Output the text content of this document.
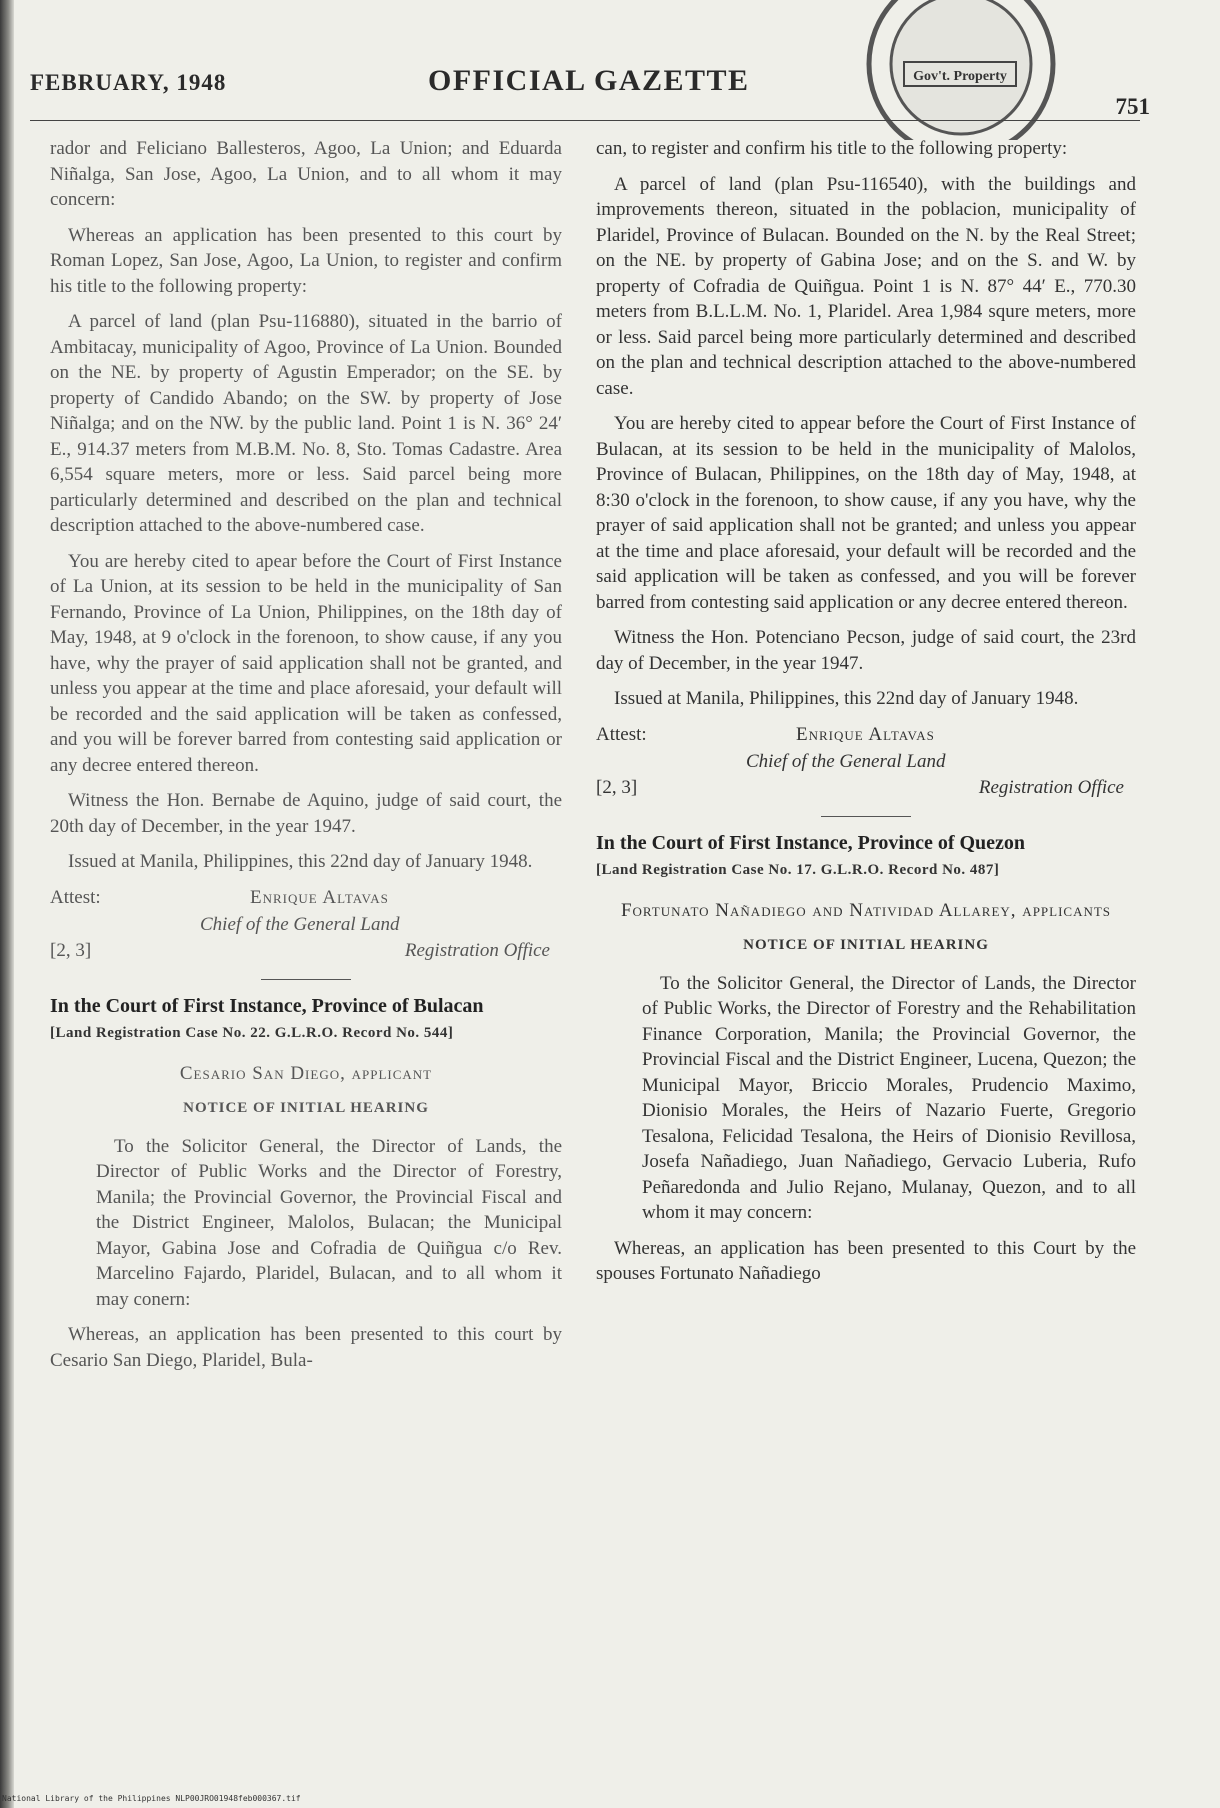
FEBRUARY, 1948	OFFICIAL GAZETTE
751
Gov't. Property

rador and Feliciano Ballesteros, Agoo, La Union; and Eduarda Niñalga, San Jose, Agoo, La Union, and to all whom it may concern:

Whereas an application has been presented to this court by Roman Lopez, San Jose, Agoo, La Union, to register and confirm his title to the following property:

A parcel of land (plan Psu-116880), situated in the barrio of Ambitacay, municipality of Agoo, Province of La Union. Bounded on the NE. by property of Agustin Emperador; on the SE. by property of Candido Abando; on the SW. by property of Jose Niñalga; and on the NW. by the public land. Point 1 is N. 36° 24′ E., 914.37 meters from M.B.M. No. 8, Sto. Tomas Cadastre. Area 6,554 square meters, more or less. Said parcel being more particularly determined and described on the plan and technical description attached to the above-numbered case.

You are hereby cited to apear before the Court of First Instance of La Union, at its session to be held in the municipality of San Fernando, Province of La Union, Philippines, on the 18th day of May, 1948, at 9 o'clock in the forenoon, to show cause, if any you have, why the prayer of said application shall not be granted, and unless you appear at the time and place aforesaid, your default will be recorded and the said application will be taken as confessed, and you will be forever barred from contesting said application or any decree entered thereon.

Witness the Hon. Bernabe de Aquino, judge of said court, the 20th day of December, in the year 1947.

Issued at Manila, Philippines, this 22nd day of January 1948.

Attest:	Enrique Altavas
Chief of the General Land
[2, 3]	Registration Office
In the Court of First Instance, Province of Bulacan
[Land Registration Case No. 22. G.L.R.O. Record No. 544]
Cesario San Diego, applicant
NOTICE OF INITIAL HEARING

To the Solicitor General, the Director of Lands, the Director of Public Works and the Director of Forestry, Manila; the Provincial Governor, the Provincial Fiscal and the District Engineer, Malolos, Bulacan; the Municipal Mayor, Gabina Jose and Cofradia de Quiñgua c/o Rev. Marcelino Fajardo, Plaridel, Bulacan, and to all whom it may conern:

Whereas, an application has been presented to this court by Cesario San Diego, Plaridel, Bula-

can, to register and confirm his title to the following property:

A parcel of land (plan Psu-116540), with the buildings and improvements thereon, situated in the poblacion, municipality of Plaridel, Province of Bulacan. Bounded on the N. by the Real Street; on the NE. by property of Gabina Jose; and on the S. and W. by property of Cofradia de Quiñgua. Point 1 is N. 87° 44′ E., 770.30 meters from B.L.L.M. No. 1, Plaridel. Area 1,984 squre meters, more or less. Said parcel being more particularly determined and described on the plan and technical description attached to the above-numbered case.

You are hereby cited to appear before the Court of First Instance of Bulacan, at its session to be held in the municipality of Malolos, Province of Bulacan, Philippines, on the 18th day of May, 1948, at 8:30 o'clock in the forenoon, to show cause, if any you have, why the prayer of said application shall not be granted; and unless you appear at the time and place aforesaid, your default will be recorded and the said application will be taken as confessed, and you will be forever barred from contesting said application or any decree entered thereon.

Witness the Hon. Potenciano Pecson, judge of said court, the 23rd day of December, in the year 1947.

Issued at Manila, Philippines, this 22nd day of January 1948.

Attest:	Enrique Altavas
Chief of the General Land
[2, 3]	Registration Office
In the Court of First Instance, Province of Quezon
[Land Registration Case No. 17. G.L.R.O. Record No. 487]
Fortunato Nañadiego and Natividad Allarey, applicants
NOTICE OF INITIAL HEARING

To the Solicitor General, the Director of Lands, the Director of Public Works, the Director of Forestry and the Rehabilitation Finance Corporation, Manila; the Provincial Governor, the Provincial Fiscal and the District Engineer, Lucena, Quezon; the Municipal Mayor, Briccio Morales, Prudencio Maximo, Dionisio Morales, the Heirs of Nazario Fuerte, Gregorio Tesalona, Felicidad Tesalona, the Heirs of Dionisio Revillosa, Josefa Nañadiego, Juan Nañadiego, Gervacio Luberia, Rufo Peñaredonda and Julio Rejano, Mulanay, Quezon, and to all whom it may concern:

Whereas, an application has been presented to this Court by the spouses Fortunato Nañadiego

National Library of the Philippines NLP00JRO01948feb000367.tif
